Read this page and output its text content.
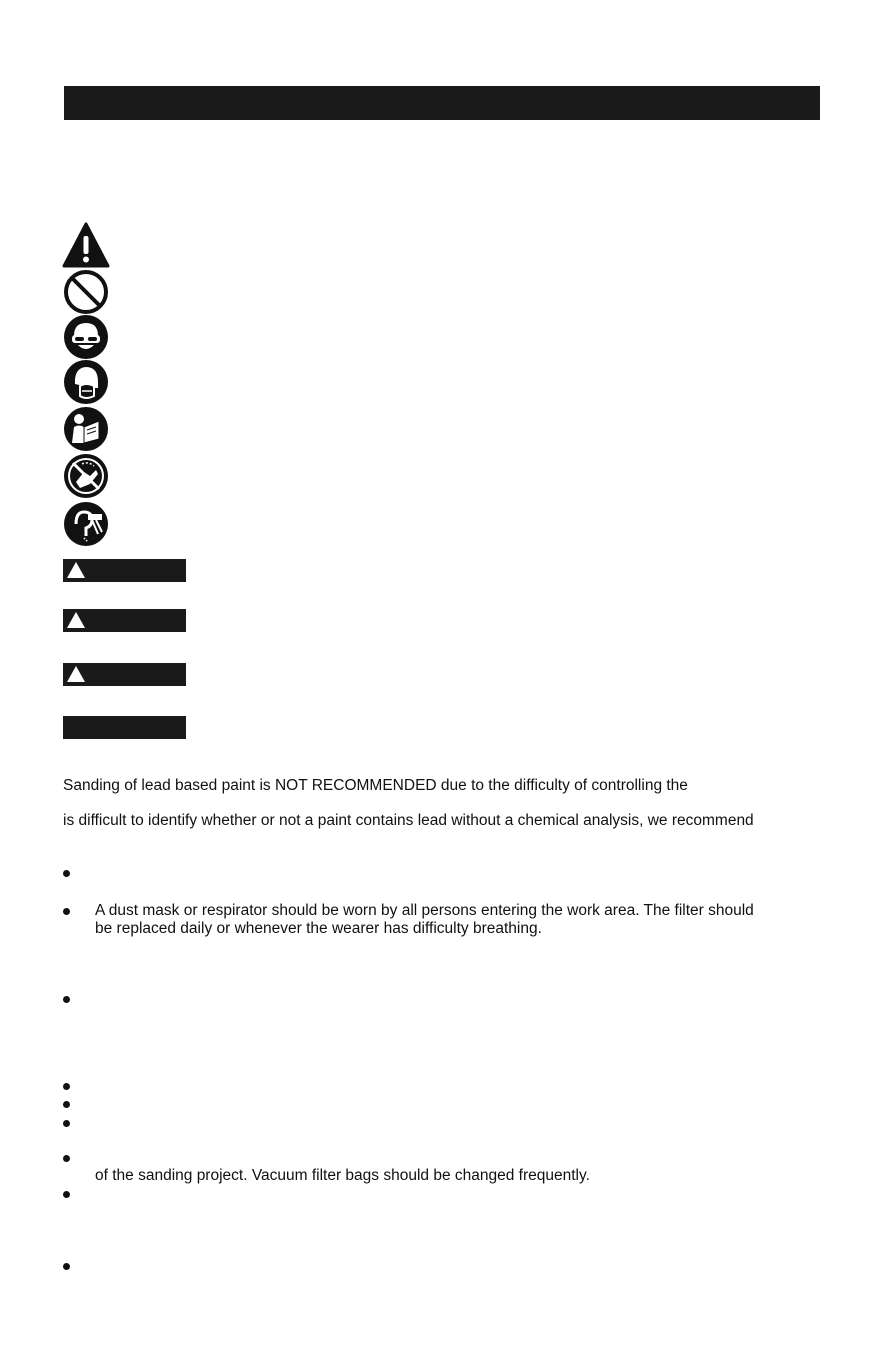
Sanding of lead based paint is NOT RECOMMENDED due to the difficulty of controlling the
is difficult to identify whether or not a paint contains lead without a chemical analysis, we recommend
A dust mask or respirator should be worn by all persons entering the work area. The filter should
be replaced daily or whenever the wearer has difficulty breathing.
of the sanding project. Vacuum filter bags should be changed frequently.
